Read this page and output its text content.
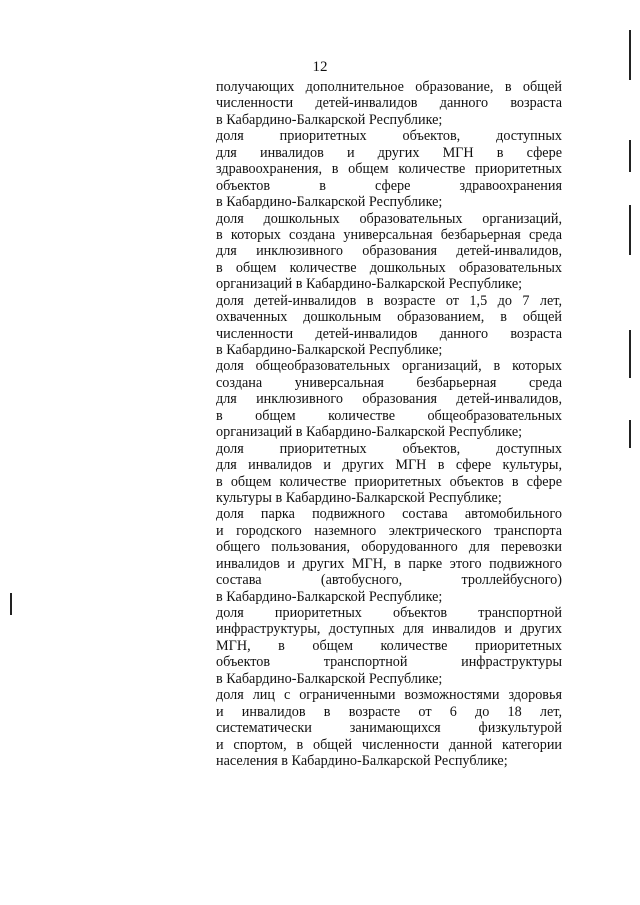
12
получающих дополнительное образование, в общей
численности детей-инвалидов данного возраста
в Кабардино-Балкарской Республике;
доля приоритетных объектов, доступных
для инвалидов и других МГН в сфере
здравоохранения, в общем количестве приоритетных
объектов в сфере здравоохранения
в Кабардино-Балкарской Республике;
доля дошкольных образовательных организаций,
в которых создана универсальная безбарьерная среда
для инклюзивного образования детей-инвалидов,
в общем количестве дошкольных образовательных
организаций в Кабардино-Балкарской Республике;
доля детей-инвалидов в возрасте от 1,5 до 7 лет,
охваченных дошкольным образованием, в общей
численности детей-инвалидов данного возраста
в Кабардино-Балкарской Республике;
доля общеобразовательных организаций, в которых
создана универсальная безбарьерная среда
для инклюзивного образования детей-инвалидов,
в общем количестве общеобразовательных
организаций в Кабардино-Балкарской Республике;
доля приоритетных объектов, доступных
для инвалидов и других МГН в сфере культуры,
в общем количестве приоритетных объектов в сфере
культуры в Кабардино-Балкарской Республике;
доля парка подвижного состава автомобильного
и городского наземного электрического транспорта
общего пользования, оборудованного для перевозки
инвалидов и других МГН, в парке этого подвижного
состава (автобусного, троллейбусного)
в Кабардино-Балкарской Республике;
доля приоритетных объектов транспортной
инфраструктуры, доступных для инвалидов и других
МГН, в общем количестве приоритетных
объектов транспортной инфраструктуры
в Кабардино-Балкарской Республике;
доля лиц с ограниченными возможностями здоровья
и инвалидов в возрасте от 6 до 18 лет,
систематически занимающихся физкультурой
и спортом, в общей численности данной категории
населения в Кабардино-Балкарской Республике;
